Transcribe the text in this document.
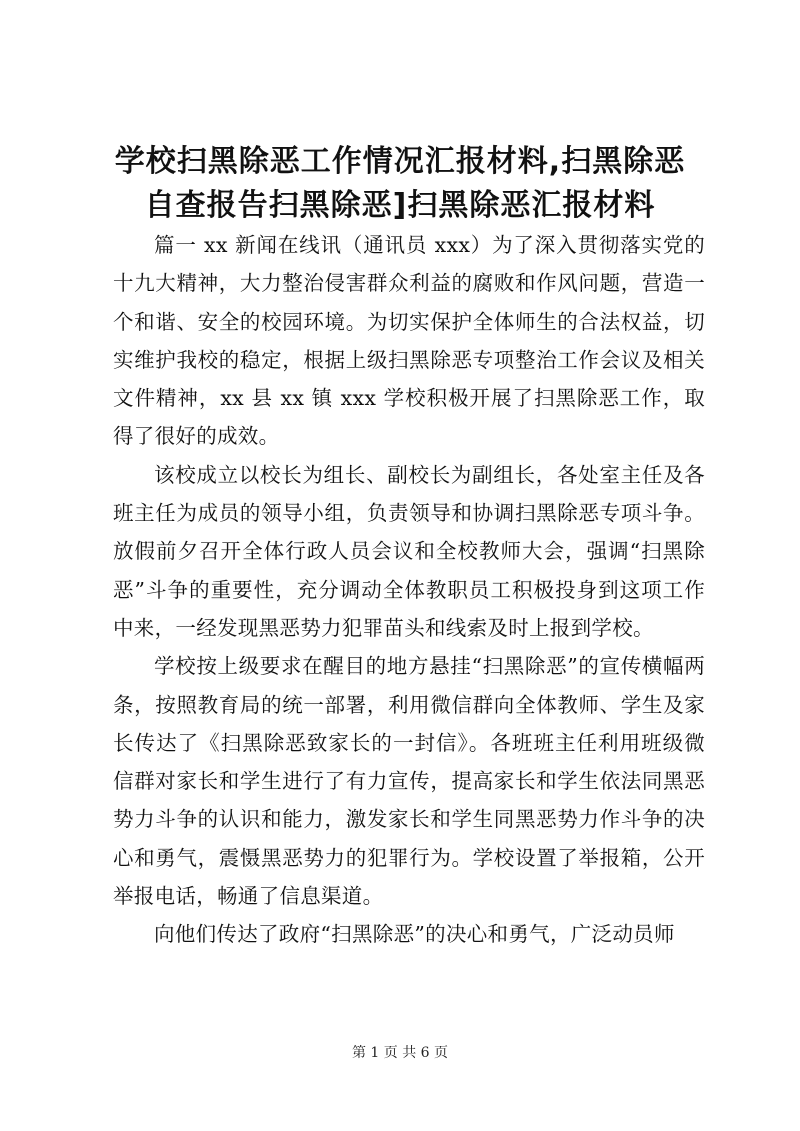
学校扫黑除恶工作情况汇报材料,扫黑除恶自查报告扫黑除恶]扫黑除恶汇报材料

篇一 xx 新闻在线讯（通讯员 xxx）为了深入贯彻落实党的十九大精神，大力整治侵害群众利益的腐败和作风问题，营造一个和谐、安全的校园环境。为切实保护全体师生的合法权益，切实维护我校的稳定，根据上级扫黑除恶专项整治工作会议及相关文件精神，xx 县 xx 镇 xxx 学校积极开展了扫黑除恶工作，取得了很好的成效。

该校成立以校长为组长、副校长为副组长，各处室主任及各班主任为成员的领导小组，负责领导和协调扫黑除恶专项斗争。放假前夕召开全体行政人员会议和全校教师大会，强调“扫黑除恶”斗争的重要性，充分调动全体教职员工积极投身到这项工作中来，一经发现黑恶势力犯罪苗头和线索及时上报到学校。

学校按上级要求在醒目的地方悬挂“扫黑除恶”的宣传横幅两条，按照教育局的统一部署，利用微信群向全体教师、学生及家长传达了《扫黑除恶致家长的一封信》。各班班主任利用班级微信群对家长和学生进行了有力宣传，提高家长和学生依法同黑恶势力斗争的认识和能力，激发家长和学生同黑恶势力作斗争的决心和勇气，震慑黑恶势力的犯罪行为。学校设置了举报箱，公开举报电话，畅通了信息渠道。

向他们传达了政府“扫黑除恶”的决心和勇气，广泛动员师

第 1 页 共 6 页
